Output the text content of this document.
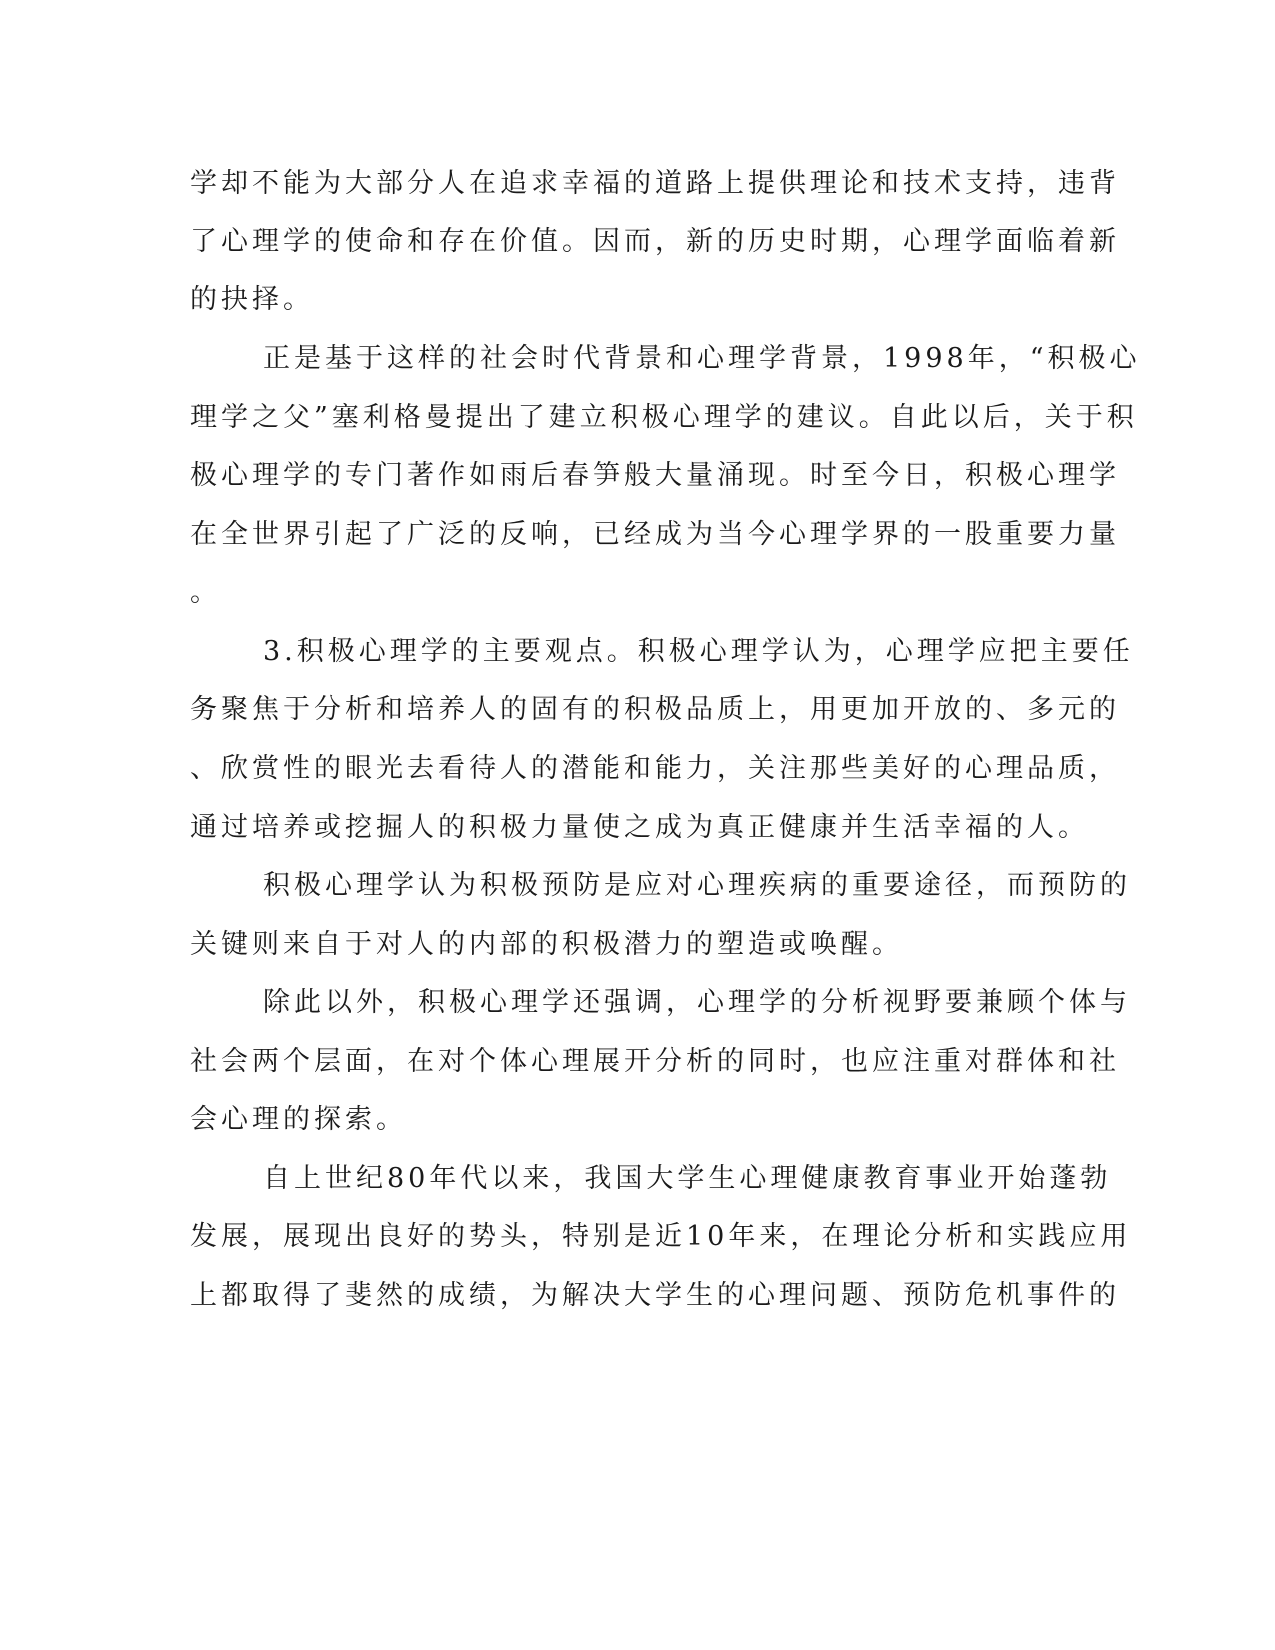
学却不能为大部分人在追求幸福的道路上提供理论和技术支持，违背
了心理学的使命和存在价值。因而，新的历史时期，心理学面临着新
的抉择。
正是基于这样的社会时代背景和心理学背景，1998年，“积极心
理学之父”塞利格曼提出了建立积极心理学的建议。自此以后，关于积
极心理学的专门著作如雨后春笋般大量涌现。时至今日，积极心理学
在全世界引起了广泛的反响，已经成为当今心理学界的一股重要力量
。
3.积极心理学的主要观点。积极心理学认为，心理学应把主要任
务聚焦于分析和培养人的固有的积极品质上，用更加开放的、多元的
、欣赏性的眼光去看待人的潜能和能力，关注那些美好的心理品质，
通过培养或挖掘人的积极力量使之成为真正健康并生活幸福的人。
积极心理学认为积极预防是应对心理疾病的重要途径，而预防的
关键则来自于对人的内部的积极潜力的塑造或唤醒。
除此以外，积极心理学还强调，心理学的分析视野要兼顾个体与
社会两个层面，在对个体心理展开分析的同时，也应注重对群体和社
会心理的探索。
自上世纪80年代以来，我国大学生心理健康教育事业开始蓬勃
发展，展现出良好的势头，特别是近10年来，在理论分析和实践应用
上都取得了斐然的成绩，为解决大学生的心理问题、预防危机事件的
